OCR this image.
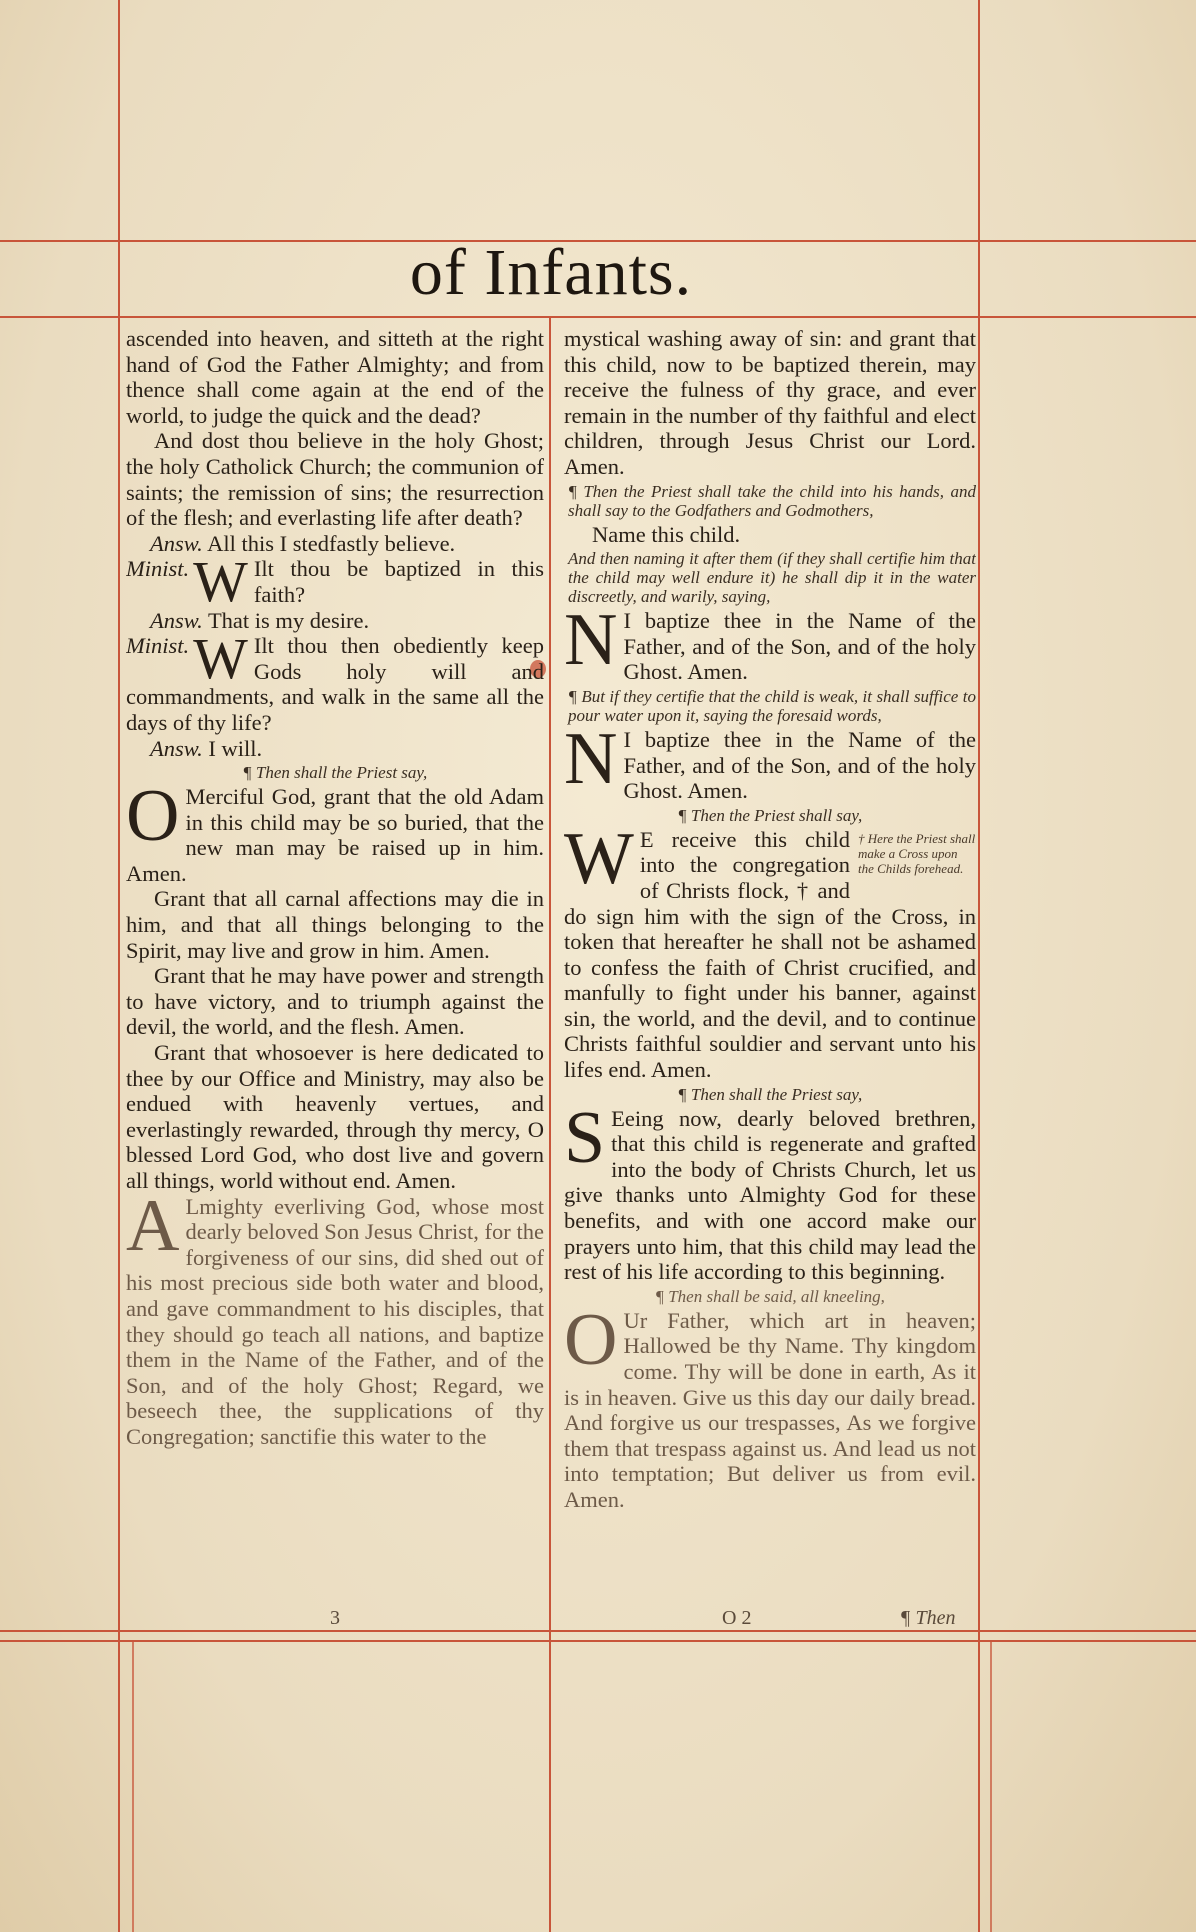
of Infants.

ascended into heaven, and sitteth at the right hand of God the Father Almighty; and from thence shall come again at the end of the world, to judge the quick and the dead?

And dost thou believe in the holy Ghost; the holy Catholick Church; the communion of saints; the remission of sins; the resurrection of the flesh; and everlasting life after death?

Answ. All this I stedfastly believe.

Minist. W Ilt thou be baptized in this faith?

Answ. That is my desire.

Minist. W Ilt thou then obediently keep Gods holy will and commandments, and walk in the same all the days of thy life?

Answ. I will.

¶ Then shall the Priest say,

O Merciful God, grant that the old Adam in this child may be so buried, that the new man may be raised up in him. Amen.

Grant that all carnal affections may die in him, and that all things belonging to the Spirit, may live and grow in him. Amen.

Grant that he may have power and strength to have victory, and to triumph against the devil, the world, and the flesh. Amen.

Grant that whosoever is here dedicated to thee by our Office and Ministry, may also be endued with heavenly vertues, and everlastingly rewarded, through thy mercy, O blessed Lord God, who dost live and govern all things, world without end. Amen.

A Lmighty everliving God, whose most dearly beloved Son Jesus Christ, for the forgiveness of our sins, did shed out of his most precious side both water and blood, and gave commandment to his disciples, that they should go teach all nations, and baptize them in the Name of the Father, and of the Son, and of the holy Ghost; Regard, we beseech thee, the supplications of thy Congregation; sanctifie this water to the
3

mystical washing away of sin: and grant that this child, now to be baptized therein, may receive the fulness of thy grace, and ever remain in the number of thy faithful and elect children, through Jesus Christ our Lord. Amen.

¶ Then the Priest shall take the child into his hands, and shall say to the Godfathers and Godmothers,

Name this child.

And then naming it after them (if they shall certifie him that the child may well endure it) he shall dip it in the water discreetly, and warily, saying,

N I baptize thee in the Name of the Father, and of the Son, and of the holy Ghost. Amen.

¶ But if they certifie that the child is weak, it shall suffice to pour water upon it, saying the foresaid words,

N I baptize thee in the Name of the Father, and of the Son, and of the holy Ghost. Amen.

¶ Then the Priest shall say,

W	† Here the Priest shall make a Cross upon the Childs forehead.
E receive this child into the congregation of Christs flock, † and do sign him with the sign of the Cross, in token that hereafter he shall not be ashamed to confess the faith of Christ crucified, and manfully to fight under his banner, against sin, the world, and the devil, and to continue Christs faithful souldier and servant unto his lifes end. Amen.

¶ Then shall the Priest say,

S Eeing now, dearly beloved brethren, that this child is regenerate and grafted into the body of Christs Church, let us give thanks unto Almighty God for these benefits, and with one accord make our prayers unto him, that this child may lead the rest of his life according to this beginning.

¶ Then shall be said, all kneeling,

O Ur Father, which art in heaven; Hallowed be thy Name. Thy kingdom come. Thy will be done in earth, As it is in heaven. Give us this day our daily bread. And forgive us our trespasses, As we forgive them that trespass against us. And lead us not into temptation; But deliver us from evil. Amen.
O 2	¶ Then
